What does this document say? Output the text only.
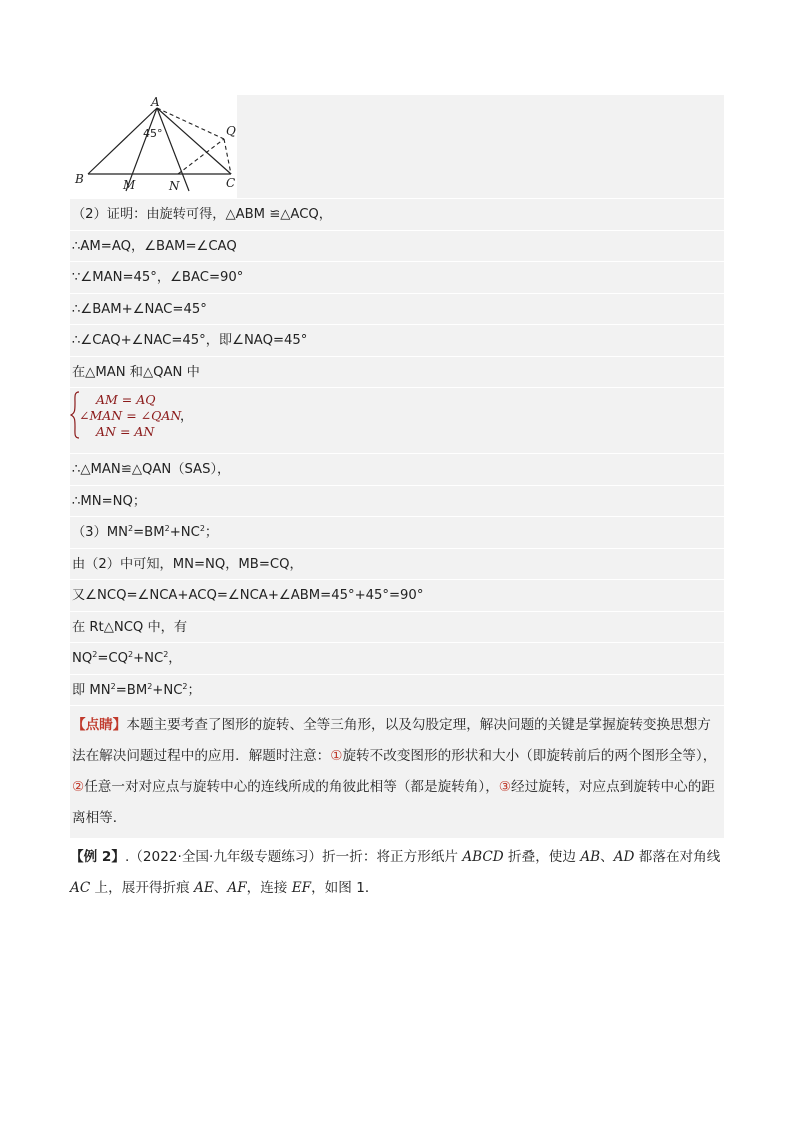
A
B	C
M	N
Q
45°
（2）证明：由旋转可得，△ABM ≌△ACQ，
∴AM=AQ，∠BAM=∠CAQ
∵∠MAN=45°，∠BAC=90°
∴∠BAM+∠NAC=45°
∴∠CAQ+∠NAC=45°，即∠NAQ=45°
在△MAN 和△QAN 中
AM = AQ
∠MAN = ∠QAN
AN = AN
，
∴△MAN≌△QAN（SAS），
∴MN=NQ；
$(3)MN^2=BM^2+NC^2$；
由（2）中可知，MN=NQ，MB=CQ，
又∠NCQ=∠NCA+ACQ=∠NCA+∠ABM=45°+45°=90°
在 Rt△NCQ 中，有
$NQ^2=CQ^2+NC^2$，
即 $MN^2=BM^2+NC^2$；
【点睛】本题主要考查了图形的旋转、全等三角形，以及勾股定理，解决问题的关键是掌握旋转变换思想方法在解决问题过程中的应用．解题时注意：①旋转不改变图形的形状和大小（即旋转前后的两个图形全等），②任意一对对应点与旋转中心的连线所成的角彼此相等（都是旋转角），③经过旋转，对应点到旋转中心的距离相等．
【例 2】.（2022·全国·九年级专题练习）折一折：将正方形纸片 ABCD 折叠，使边 AB、AD 都落在对角线 AC 上，展开得折痕 AE、AF，连接 EF，如图 1．
